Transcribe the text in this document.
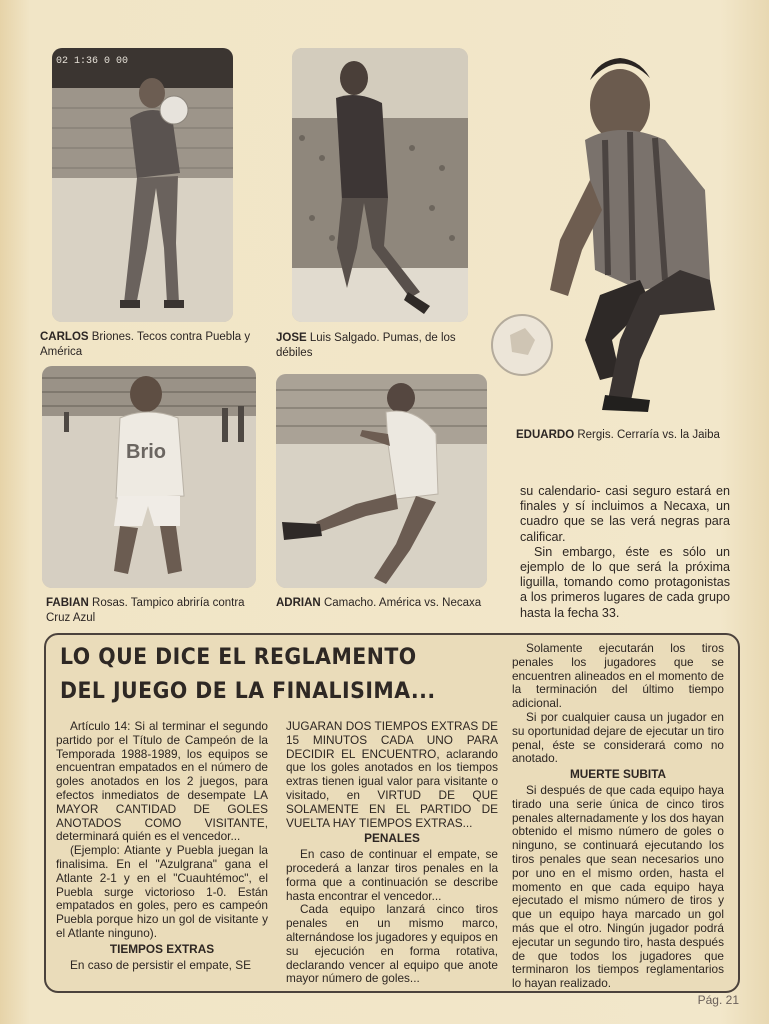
02 1:36 0 00
CARLOS Briones. Tecos contra Puebla y América
JOSE Luis Salgado. Pumas, de los débiles
EDUARDO Rergis. Cerraría vs. la Jaiba
Brio
FABIAN Rosas. Tampico abriría contra Cruz Azul
ADRIAN Camacho. América vs. Necaxa

su calendario- casi seguro estará en finales y sí incluimos a Necaxa, un cuadro que se las verá negras para calificar.

Sin embargo, éste es sólo un ejemplo de lo que será la próxima liguilla, tomando como protagonistas a los primeros lugares de cada grupo hasta la fecha 33.

LO QUE DICE EL REGLAMENTO
DEL JUEGO DE LA FINALISIMA...

Artículo 14: Si al terminar el segundo partido por el Título de Campeón de la Temporada 1988-1989, los equipos se encuentran empatados en el número de goles anotados en los 2 juegos, para efectos inmediatos de desempate LA MAYOR CANTIDAD DE GOLES ANOTADOS COMO VISITANTE, determinará quién es el vencedor...

(Ejemplo: Atiante y Puebla juegan la finalisima. En el "Azulgrana" gana el Atlante 2-1 y en el "Cuauhtémoc", el Puebla surge victorioso 1-0. Están empatados en goles, pero es campeón Puebla porque hizo un gol de visitante y el Atlante ninguno).

TIEMPOS EXTRAS

En caso de persistir el empate, SE

JUGARAN DOS TIEMPOS EXTRAS DE 15 MINUTOS CADA UNO PARA DECIDIR EL ENCUENTRO, aclarando que los goles anotados en los tiempos extras tienen igual valor para visitante o visitado, en VIRTUD DE QUE SOLAMENTE EN EL PARTIDO DE VUELTA HAY TIEMPOS EXTRAS...

PENALES

En caso de continuar el empate, se procederá a lanzar tiros penales en la forma que a continuación se describe hasta encontrar el vencedor...

Cada equipo lanzará cinco tiros penales en un mismo marco, alternándose los jugadores y equipos en su ejecución en forma rotativa, declarando vencer al equipo que anote mayor número de goles...

Solamente ejecutarán los tiros penales los jugadores que se encuentren alineados en el momento de la terminación del último tiempo adicional.

Si por cualquier causa un jugador en su oportunidad dejare de ejecutar un tiro penal, éste se considerará como no anotado.

MUERTE SUBITA

Si después de que cada equipo haya tirado una serie única de cinco tiros penales alternadamente y los dos hayan obtenido el mismo número de goles o ninguno, se continuará ejecutando los tiros penales que sean necesarios uno por uno en el mismo orden, hasta el momento en que cada equipo haya ejecutado el mismo número de tiros y que un equipo haya marcado un gol más que el otro. Ningún jugador podrá ejecutar un segundo tiro, hasta después de que todos los jugadores que terminaron los tiempos reglamentarios lo hayan realizado.

Pág. 21
